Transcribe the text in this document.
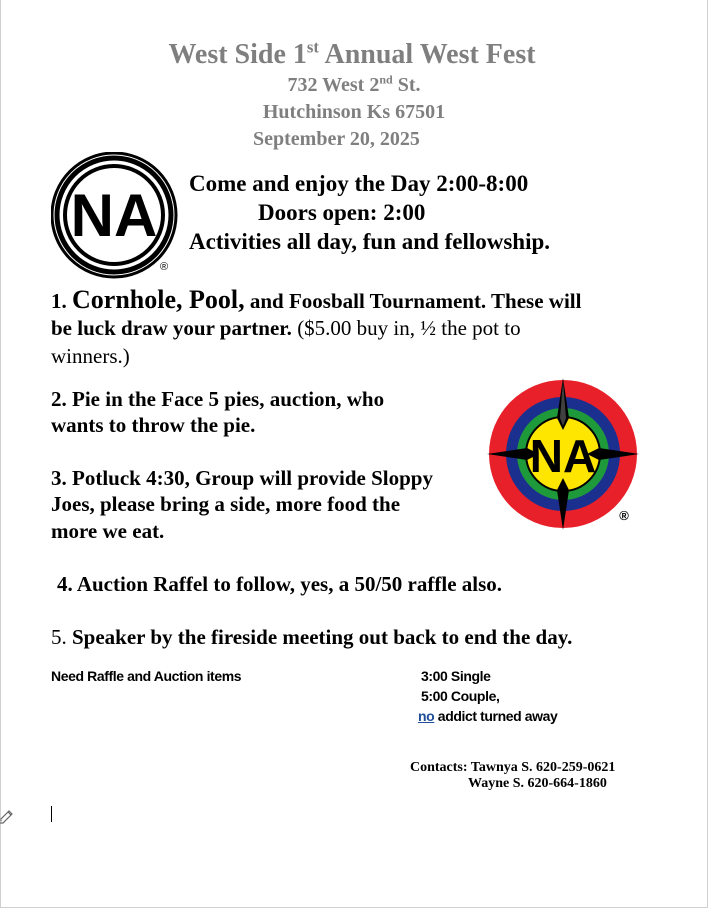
West Side 1st Annual West Fest
732 West 2nd St.
Hutchinson Ks 67501
September 20, 2025
NA
®
Come and enjoy the Day 2:00-8:00
Doors open: 2:00
Activities all day, fun and fellowship.
1. Cornhole, Pool, and Foosball Tournament. These will
be luck draw your partner. ($5.00 buy in, ½ the pot to
winners.)
2. Pie in the Face 5 pies, auction, who
wants to throw the pie.
NA
®
3. Potluck 4:30, Group will provide Sloppy
Joes, please bring a side, more food the
more we eat.
4. Auction Raffel to follow, yes, a 50/50 raffle also.
5. Speaker by the fireside meeting out back to end the day.
Need Raffle and Auction items	3:00 Single
5:00 Couple,
no addict turned away
Contacts: Tawnya S. 620-259-0621
Wayne S. 620-664-1860
